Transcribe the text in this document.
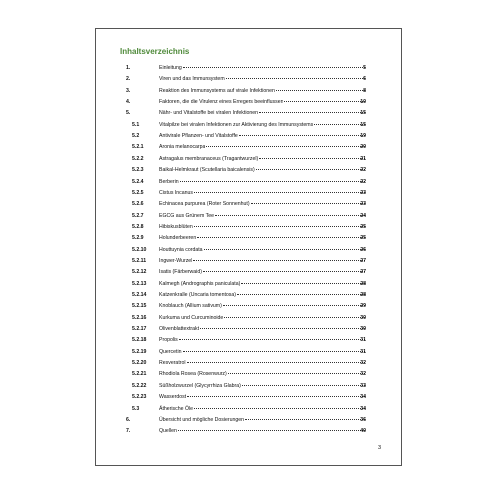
Inhaltsverzeichnis
1.	Einleitung	5
2.	Viren und das Immunsystem	6
3.	Reaktion des Immunsystems auf virale Infektionen	8
4.	Faktoren, die die Virulenz eines Erregers beeinflussen	10
5.	Nähr- und Vitalstoffe bei viralen Infektionen	15
5.1	Vitalpilze bei viralen Infektionen zur Aktivierung des Immunsystems	15
5.2	Antivirale Pflanzen- und Vitalstoffe	19
5.2.1	Aronia melanocarpa	20
5.2.2	Astragalus membranaceus (Tragantwurzel)	21
5.2.3	Baikal-Helmkraut (Scutellaria baicalensis)	22
5.2.4	Berberin	22
5.2.5	Cistus Incanus	23
5.2.6	Echinacea purpurea (Roter Sonnenhut)	23
5.2.7	EGCG aus Grünem Tee	24
5.2.8	Hibiskusblüten	25
5.2.9	Holunderbeeren	25
5.2.10 Houttuynia cordata	26
5.2.11 Ingwer-Wurzel	27
5.2.12 Isatis (Färberwaid)	27
5.2.13 Kalmegh (Andrographis paniculata)	28
5.2.14 Katzenkralle (Uncaria tomentosa)	28
5.2.15 Knoblauch (Allium sativum)	29
5.2.16 Kurkuma und Curcuminoide	30
5.2.17 Olivenblattextrakt	30
5.2.18 Propolis	31
5.2.19 Quercetin	31
5.2.20 Resveratrol	32
5.2.21 Rhodiola Rosea (Rosenwurz)	32
5.2.22 Süßholzwurzel (Glycyrrhiza Glabra)	33
5.2.23 Wasserdost	34
5.3	Ätherische Öle	34
6.	Übersicht und mögliche Dosierungen	36
7.	Quellen	40
3
